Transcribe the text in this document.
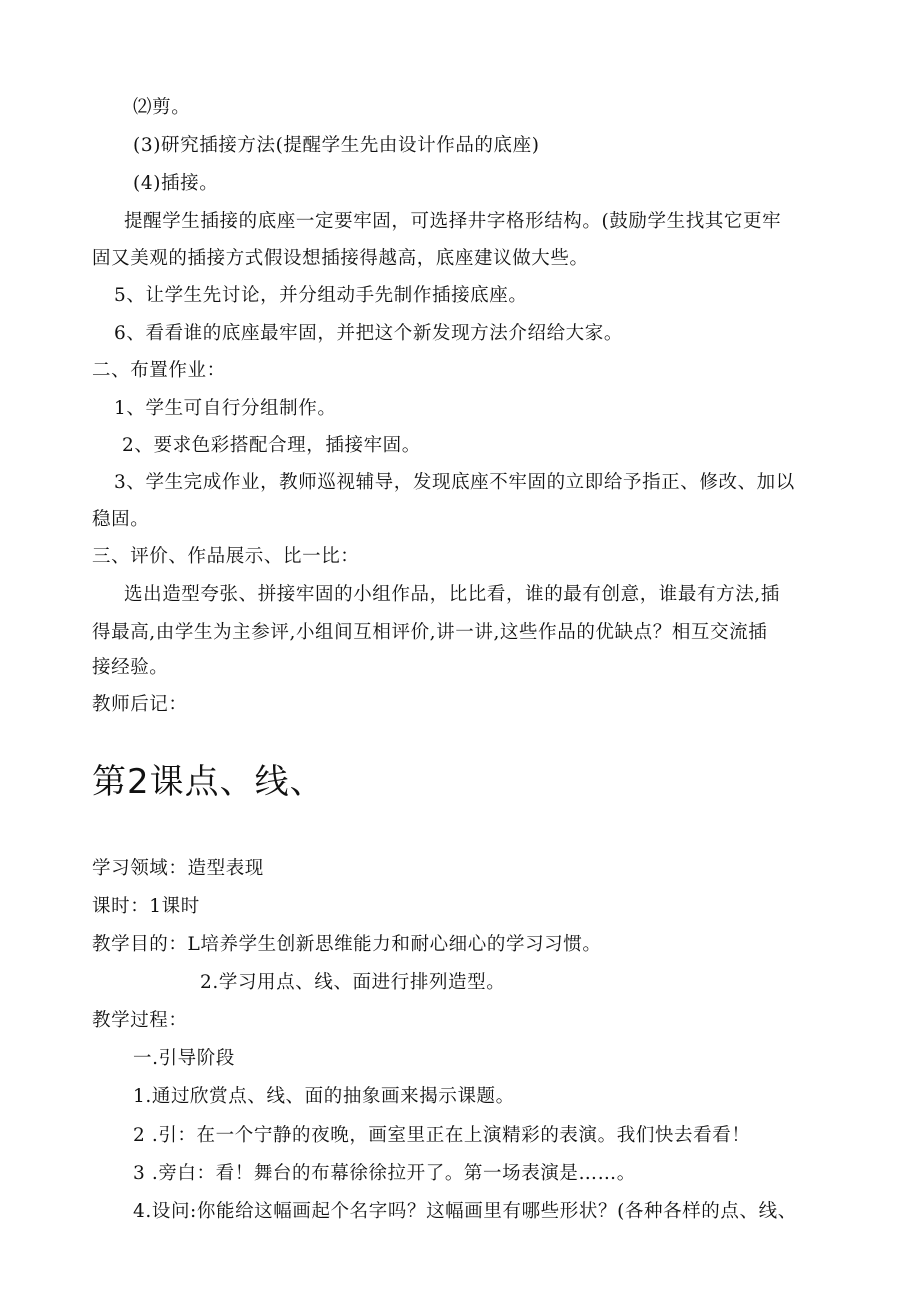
⑵剪。
(3)研究插接方法(提醒学生先由设计作品的底座)
(4)插接。
提醒学生插接的底座一定要牢固，可选择井字格形结构。(鼓励学生找其它更牢
固又美观的插接方式假设想插接得越高，底座建议做大些。
5、让学生先讨论，并分组动手先制作插接底座。
6、看看谁的底座最牢固，并把这个新发现方法介绍给大家。
二、布置作业：
1、学生可自行分组制作。
2、要求色彩搭配合理，插接牢固。
3、学生完成作业，教师巡视辅导，发现底座不牢固的立即给予指正、修改、加以
稳固。
三、评价、作品展示、比一比：
选出造型夸张、拼接牢固的小组作品，比比看，谁的最有创意，谁最有方法,插
得最高,由学生为主参评,小组间互相评价,讲一讲,这些作品的优缺点？相互交流插
接经验。
教师后记：
第2课点、线、
学习领域：造型表现
课时：1课时
教学目的：L培养学生创新思维能力和耐心细心的学习习惯。
2.学习用点、线、面进行排列造型。
教学过程：
一.引导阶段
1.通过欣赏点、线、面的抽象画来揭示课题。
2 .引：在一个宁静的夜晚，画室里正在上演精彩的表演。我们快去看看！
3 .旁白：看！舞台的布幕徐徐拉开了。第一场表演是……。
4.设问:你能给这幅画起个名字吗？这幅画里有哪些形状？(各种各样的点、线、
